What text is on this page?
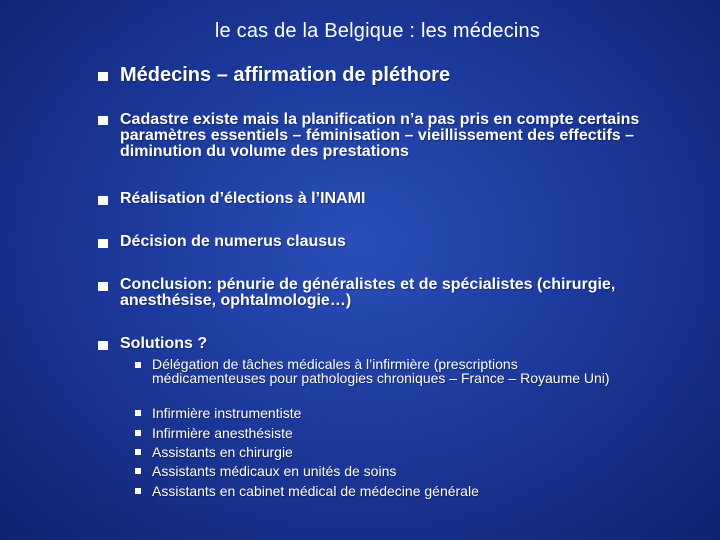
le cas de la Belgique : les médecins
Médecins – affirmation de pléthore
Cadastre existe mais la planification n’a pas pris en compte certains paramètres essentiels – féminisation – vieillissement des effectifs – diminution du volume des prestations
Réalisation d’élections à l’INAMI
Décision de numerus clausus
Conclusion: pénurie de généralistes et de spécialistes (chirurgie, anesthésise, ophtalmologie…)
Solutions ?
Délégation de tâches médicales à l’infirmière (prescriptions médicamenteuses pour pathologies chroniques – France – Royaume Uni)
Infirmière instrumentiste
Infirmière anesthésiste
Assistants en chirurgie
Assistants médicaux en unités de soins
Assistants en cabinet médical de médecine générale
